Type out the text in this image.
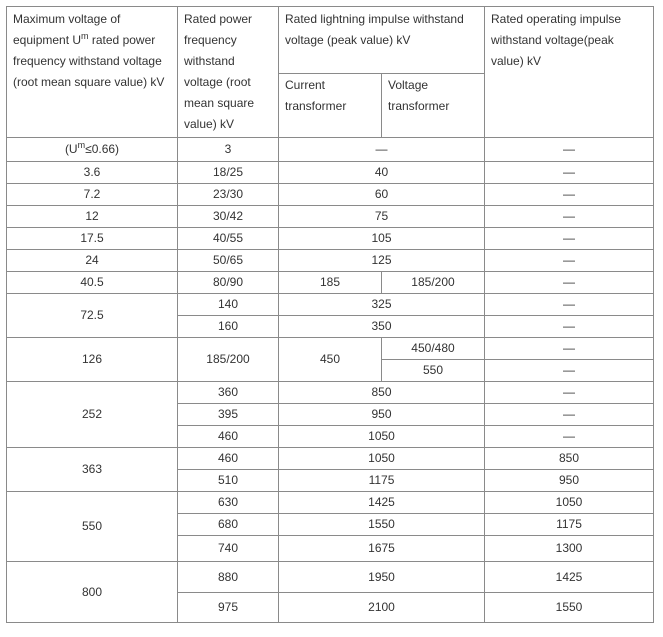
Maximum voltage of equipment $U^m$ rated power frequency withstand voltage (root mean square value) kV	Rated power frequency withstand voltage (root mean square value) kV	Rated lightning impulse withstand voltage (peak value) kV		Rated operating impulse withstand voltage(peak value) kV
		Current transformer	Voltage transformer	
$(U^m\le 0.66)$	3	—		—
3.6	18/25	40		—
7.2	23/30	60		—
12	30/42	75		—
17.5	40/55	105		—
24	50/65	125		—
40.5	80/90	185	185/200	—
72.5	140	325		—
	160	350		—
126	185/200	450	450/480	—
			550	—
252	360	850		—
	395	950		—
	460	1050		—
363	460	1050		850
	510	1175		950
550	630	1425		1050
	680	1550		1175
	740	1675		1300
800	880	1950		1425
	975	2100		1550
